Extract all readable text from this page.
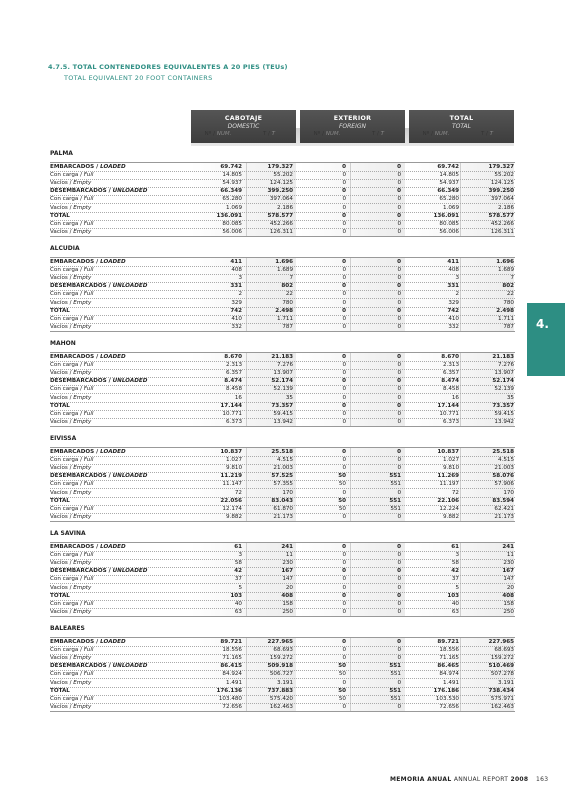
4.7.5. TOTAL CONTENEDORES EQUIVALENTES A 20 PIES (TEUs)
TOTAL EQUIVALENT 20 FOOT CONTAINERS
4.
CABOTAJE
DOMESTIC
EXTERIOR
FOREIGN
TOTAL
TOTAL
Nº / NUM.	T / T	Nº / NUM.	T / T	Nº / NUM.	T / T
PALMA
EMBARCADOS / LOADED	69.742	179.327	0	0	69.742	179.327
Con carga / Full	14.805	55.202	0	0	14.805	55.202
Vacíos / Empty	54.937	124.125	0	0	54.937	124.125
DESEMBARCADOS / UNLOADED	66.349	399.250	0	0	66.349	399.250
Con carga / Full	65.280	397.064	0	0	65.280	397.064
Vacíos / Empty	1.069	2.186	0	0	1.069	2.186
TOTAL	136.091	578.577	0	0	136.091	578.577
Con carga / Full	80.085	452.266	0	0	80.085	452.266
Vacíos / Empty	56.006	126.311	0	0	56.006	126.311
ALCUDIA
EMBARCADOS / LOADED	411	1.696	0	0	411	1.696
Con carga / Full	408	1.689	0	0	408	1.689
Vacíos / Empty	3	7	0	0	3	7
DESEMBARCADOS / UNLOADED	331	802	0	0	331	802
Con carga / Full	2	22	0	0	2	22
Vacíos / Empty	329	780	0	0	329	780
TOTAL	742	2.498	0	0	742	2.498
Con carga / Full	410	1.711	0	0	410	1.711
Vacíos / Empty	332	787	0	0	332	787
MAHON
EMBARCADOS / LOADED	8.670	21.183	0	0	8.670	21.183
Con carga / Full	2.313	7.276	0	0	2.313	7.276
Vacíos / Empty	6.357	13.907	0	0	6.357	13.907
DESEMBARCADOS / UNLOADED	8.474	52.174	0	0	8.474	52.174
Con carga / Full	8.458	52.139	0	0	8.458	52.139
Vacíos / Empty	16	35	0	0	16	35
TOTAL	17.144	73.357	0	0	17.144	73.357
Con carga / Full	10.771	59.415	0	0	10.771	59.415
Vacíos / Empty	6.373	13.942	0	0	6.373	13.942
EIVISSA
EMBARCADOS / LOADED	10.837	25.518	0	0	10.837	25.518
Con carga / Full	1.027	4.515	0	0	1.027	4.515
Vacíos / Empty	9.810	21.003	0	0	9.810	21.003
DESEMBARCADOS / UNLOADED	11.219	57.525	50	551	11.269	58.076
Con carga / Full	11.147	57.355	50	551	11.197	57.906
Vacíos / Empty	72	170	0	0	72	170
TOTAL	22.056	83.043	50	551	22.106	83.594
Con carga / Full	12.174	61.870	50	551	12.224	62.421
Vacíos / Empty	9.882	21.173	0	0	9.882	21.173
LA SAVINA
EMBARCADOS / LOADED	61	241	0	0	61	241
Con carga / Full	3	11	0	0	3	11
Vacíos / Empty	58	230	0	0	58	230
DESEMBARCADOS / UNLOADED	42	167	0	0	42	167
Con carga / Full	37	147	0	0	37	147
Vacíos / Empty	5	20	0	0	5	20
TOTAL	103	408	0	0	103	408
Con carga / Full	40	158	0	0	40	158
Vacíos / Empty	63	250	0	0	63	250
BALEARES
EMBARCADOS / LOADED	89.721	227.965	0	0	89.721	227.965
Con carga / Full	18.556	68.693	0	0	18.556	68.693
Vacíos / Empty	71.165	159.272	0	0	71.165	159.272
DESEMBARCADOS / UNLOADED	86.415	509.918	50	551	86.465	510.469
Con carga / Full	84.924	506.727	50	551	84.974	507.278
Vacíos / Empty	1.491	3.191	0	0	1.491	3.191
TOTAL	176.136	737.883	50	551	176.186	738.434
Con carga / Full	103.480	575.420	50	551	103.530	575.971
Vacíos / Empty	72.656	162.463	0	0	72.656	162.463
MEMORIA ANUAL ANNUAL REPORT 2008 163
